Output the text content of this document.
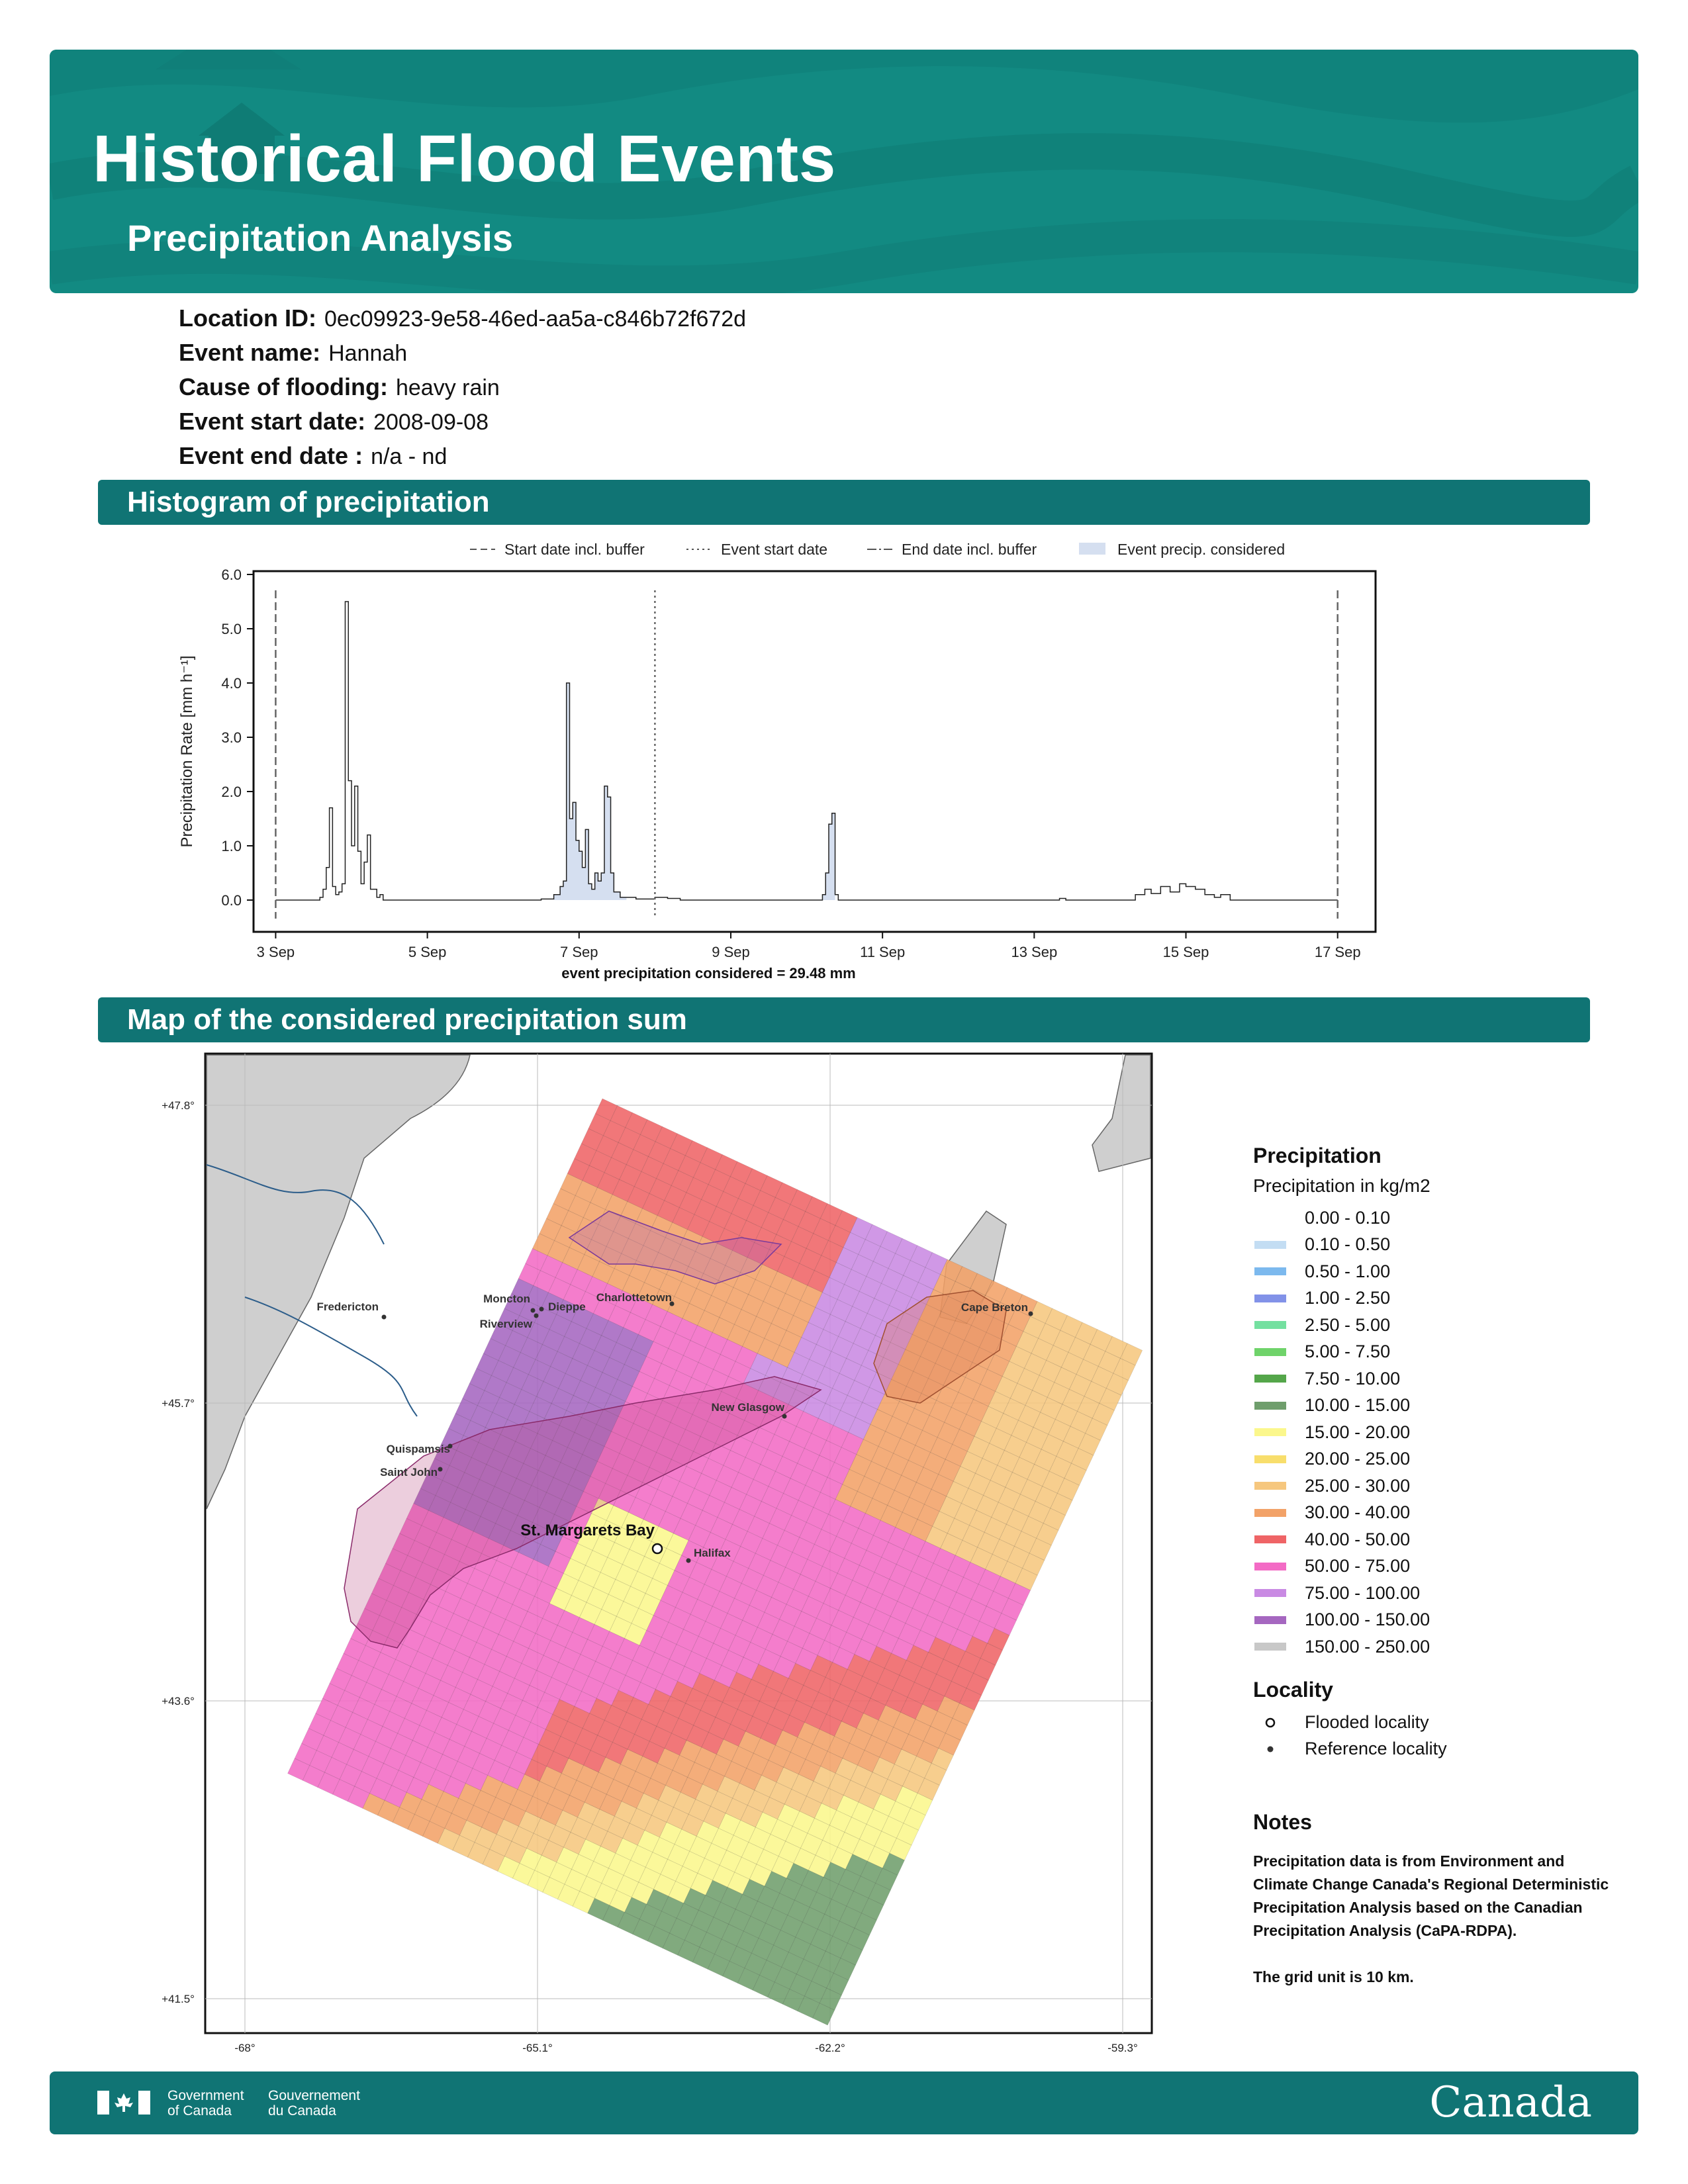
Historical Flood Events
Precipitation Analysis
Location ID: 0ec09923-9e58-46ed-aa5a-c846b72f672d
Event name: Hannah
Cause of flooding: heavy rain
Event start date: 2008-09-08
Event end date : n/a - nd
Histogram of precipitation
Start date incl. buffer	Event start date	End date incl. buffer	Event precip. considered
0.0
1.0
2.0
3.0
4.0
5.0
6.0
3 Sep	5 Sep	7 Sep	9 Sep	11 Sep	13 Sep	15 Sep	17 Sep
Precipitation Rate [mm h⁻¹]
event precipitation considered = 29.48 mm
Map of the considered precipitation sum
Fredericton
Moncton
Dieppe
Riverview
Charlottetown
Cape Breton
New Glasgow
Quispamsis
Saint John
Halifax
St. Margarets Bay
+47.8°
+45.7°
+43.6°
+41.5°
-68°	-65.1°	-62.2°	-59.3°
Precipitation
Precipitation in kg/m2
0.00 - 0.10
0.10 - 0.50
0.50 - 1.00
1.00 - 2.50
2.50 - 5.00
5.00 - 7.50
7.50 - 10.00
10.00 - 15.00
15.00 - 20.00
20.00 - 25.00
25.00 - 30.00
30.00 - 40.00
40.00 - 50.00
50.00 - 75.00
75.00 - 100.00
100.00 - 150.00
150.00 - 250.00
Locality
Flooded locality
Reference locality
Notes
Precipitation data is from Environment and Climate Change Canada's Regional Deterministic Precipitation Analysis based on the Canadian Precipitation Analysis (CaPA-RDPA).
The grid unit is 10 km.
Government
of Canada
Gouvernement
du Canada	Canada
